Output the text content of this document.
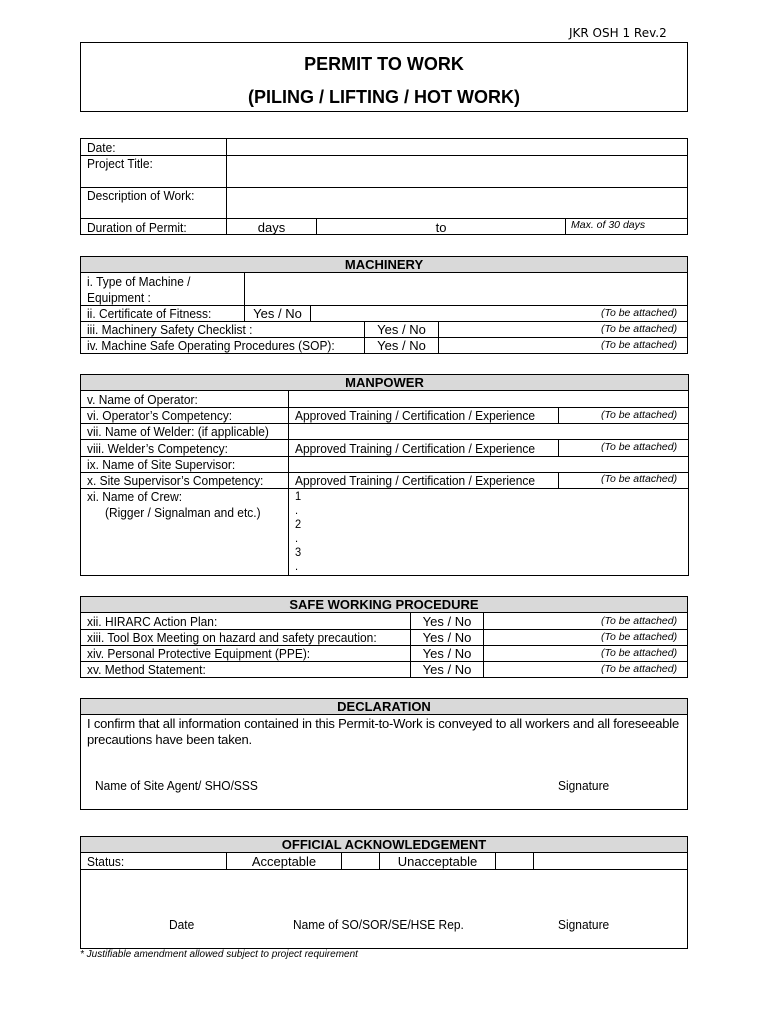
JKR OSH 1 Rev.2
PERMIT TO WORK
(PILING / LIFTING / HOT WORK)
Date:
Project Title:
Description of Work:
Duration of Permit:	days	to	Max. of 30 days
MACHINERY
i. Type of Machine /
Equipment :
ii. Certificate of Fitness:	Yes / No	(To be attached)
iii. Machinery Safety Checklist :	Yes / No	(To be attached)
iv. Machine Safe Operating Procedures (SOP):	Yes / No	(To be attached)
MANPOWER
v. Name of Operator:
vi. Operator’s Competency:	Approved Training / Certification / Experience	(To be attached)
vii. Name of Welder: (if applicable)
viii. Welder’s Competency:	Approved Training / Certification / Experience	(To be attached)
ix. Name of Site Supervisor:
x. Site Supervisor’s Competency: Approved Training / Certification / Experience	(To be attached)
xi. Name of Crew:
(Rigger / Signalman and etc.)
1
.
2
.
3
.
SAFE WORKING PROCEDURE
xii. HIRARC Action Plan:	Yes / No	(To be attached)
xiii. Tool Box Meeting on hazard and safety precaution:	Yes / No	(To be attached)
xiv. Personal Protective Equipment (PPE):	Yes / No	(To be attached)
xv. Method Statement:	Yes / No	(To be attached)
DECLARATION
I confirm that all information contained in this Permit-to-Work is conveyed to all workers and all foreseeable precautions have been taken.
Name of Site Agent/ SHO/SSS	Signature
OFFICIAL ACKNOWLEDGEMENT
Status:	Acceptable	Unacceptable
Date	Name of SO/SOR/SE/HSE Rep.	Signature
* Justifiable amendment allowed subject to project requirement
